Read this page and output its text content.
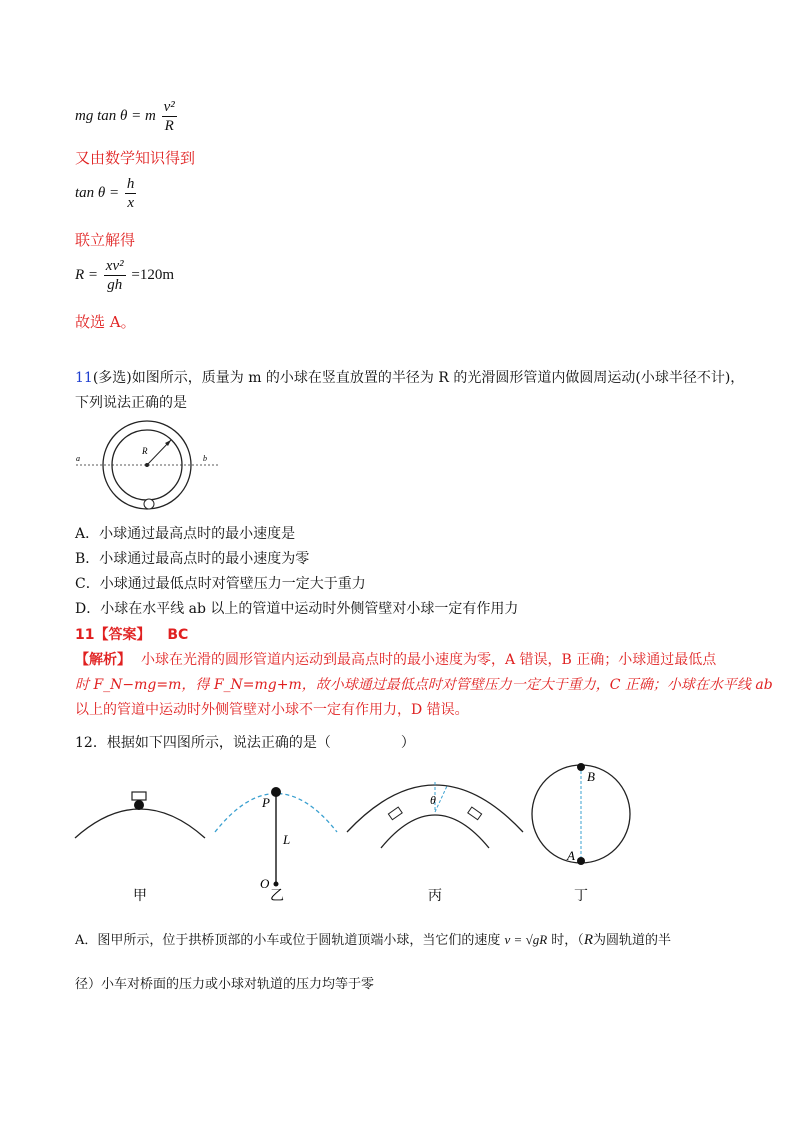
mg tan θ = m $\frac{\text{v²}}{R}$
又由数学知识得到
$\tan \theta = \frac{h}{x}$
联立解得
$R = \frac{\text{xv²}}{gh} =120m$
故选 A。
11(多选)如图所示，质量为 m 的小球在竖直放置的半径为 R 的光滑圆形管道内做圆周运动(小球半径不计)，
下列说法正确的是
R
a	b
A．小球通过最高点时的最小速度是
B．小球通过最高点时的最小速度为零
C．小球通过最低点时对管壁压力一定大于重力
D．小球在水平线 ab 以上的管道中运动时外侧管壁对小球一定有作用力
11【答案】 BC
【解析】 小球在光滑的圆形管道内运动到最高点时的最小速度为零，A 错误，B 正确；小球通过最低点
时 F_N−mg=m，得 F_N=mg+m，故小球通过最低点时对管壁压力一定大于重力，C 正确；小球在水平线 ab
以上的管道中运动时外侧管壁对小球不一定有作用力，D 错误。
12．根据如下四图所示，说法正确的是（　　　　　）
甲
P
L
O
乙
θ
丙
B
A
丁
A．图甲所示，位于拱桥顶部的小车或位于圆轨道顶端小球，当它们的速度 v = √gR 时，（R为圆轨道的半
径）小车对桥面的压力或小球对轨道的压力均等于零
